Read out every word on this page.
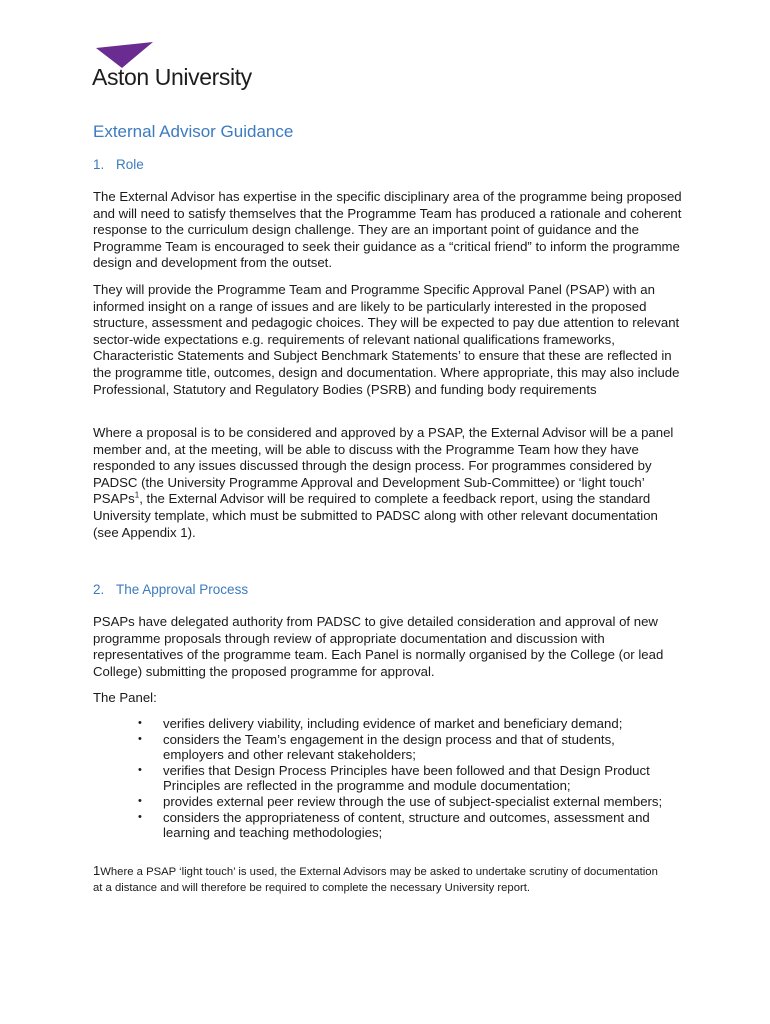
Aston University
External Advisor Guidance
1. Role

The External Advisor has expertise in the specific disciplinary area of the programme being proposed and will need to satisfy themselves that the Programme Team has produced a rationale and coherent response to the curriculum design challenge. They are an important point of guidance and the Programme Team is encouraged to seek their guidance as a “critical friend” to inform the programme design and development from the outset.

They will provide the Programme Team and Programme Specific Approval Panel (PSAP) with an informed insight on a range of issues and are likely to be particularly interested in the proposed structure, assessment and pedagogic choices. They will be expected to pay due attention to relevant sector-wide expectations e.g. requirements of relevant national qualifications frameworks, Characteristic Statements and Subject Benchmark Statements’ to ensure that these are reflected in the programme title, outcomes, design and documentation. Where appropriate, this may also include Professional, Statutory and Regulatory Bodies (PSRB) and funding body requirements

Where a proposal is to be considered and approved by a PSAP, the External Advisor will be a panel member and, at the meeting, will be able to discuss with the Programme Team how they have responded to any issues discussed through the design process. For programmes considered by PADSC (the University Programme Approval and Development Sub-Committee) or ‘light touch’ PSAPs$^1$, the External Advisor will be required to complete a feedback report, using the standard University template, which must be submitted to PADSC along with other relevant documentation (see Appendix 1).

2. The Approval Process

PSAPs have delegated authority from PADSC to give detailed consideration and approval of new programme proposals through review of appropriate documentation and discussion with representatives of the programme team. Each Panel is normally organised by the College (or lead College) submitting the proposed programme for approval.

The Panel:

• verifies delivery viability, including evidence of market and beneficiary demand;
• considers the Team’s engagement in the design process and that of students, employers and other relevant stakeholders;
• verifies that Design Process Principles have been followed and that Design Product Principles are reflected in the programme and module documentation;
• provides external peer review through the use of subject-specialist external members;
• considers the appropriateness of content, structure and outcomes, assessment and learning and teaching methodologies;

1Where a PSAP ‘light touch’ is used, the External Advisors may be asked to undertake scrutiny of documentation at a distance and will therefore be required to complete the necessary University report.
